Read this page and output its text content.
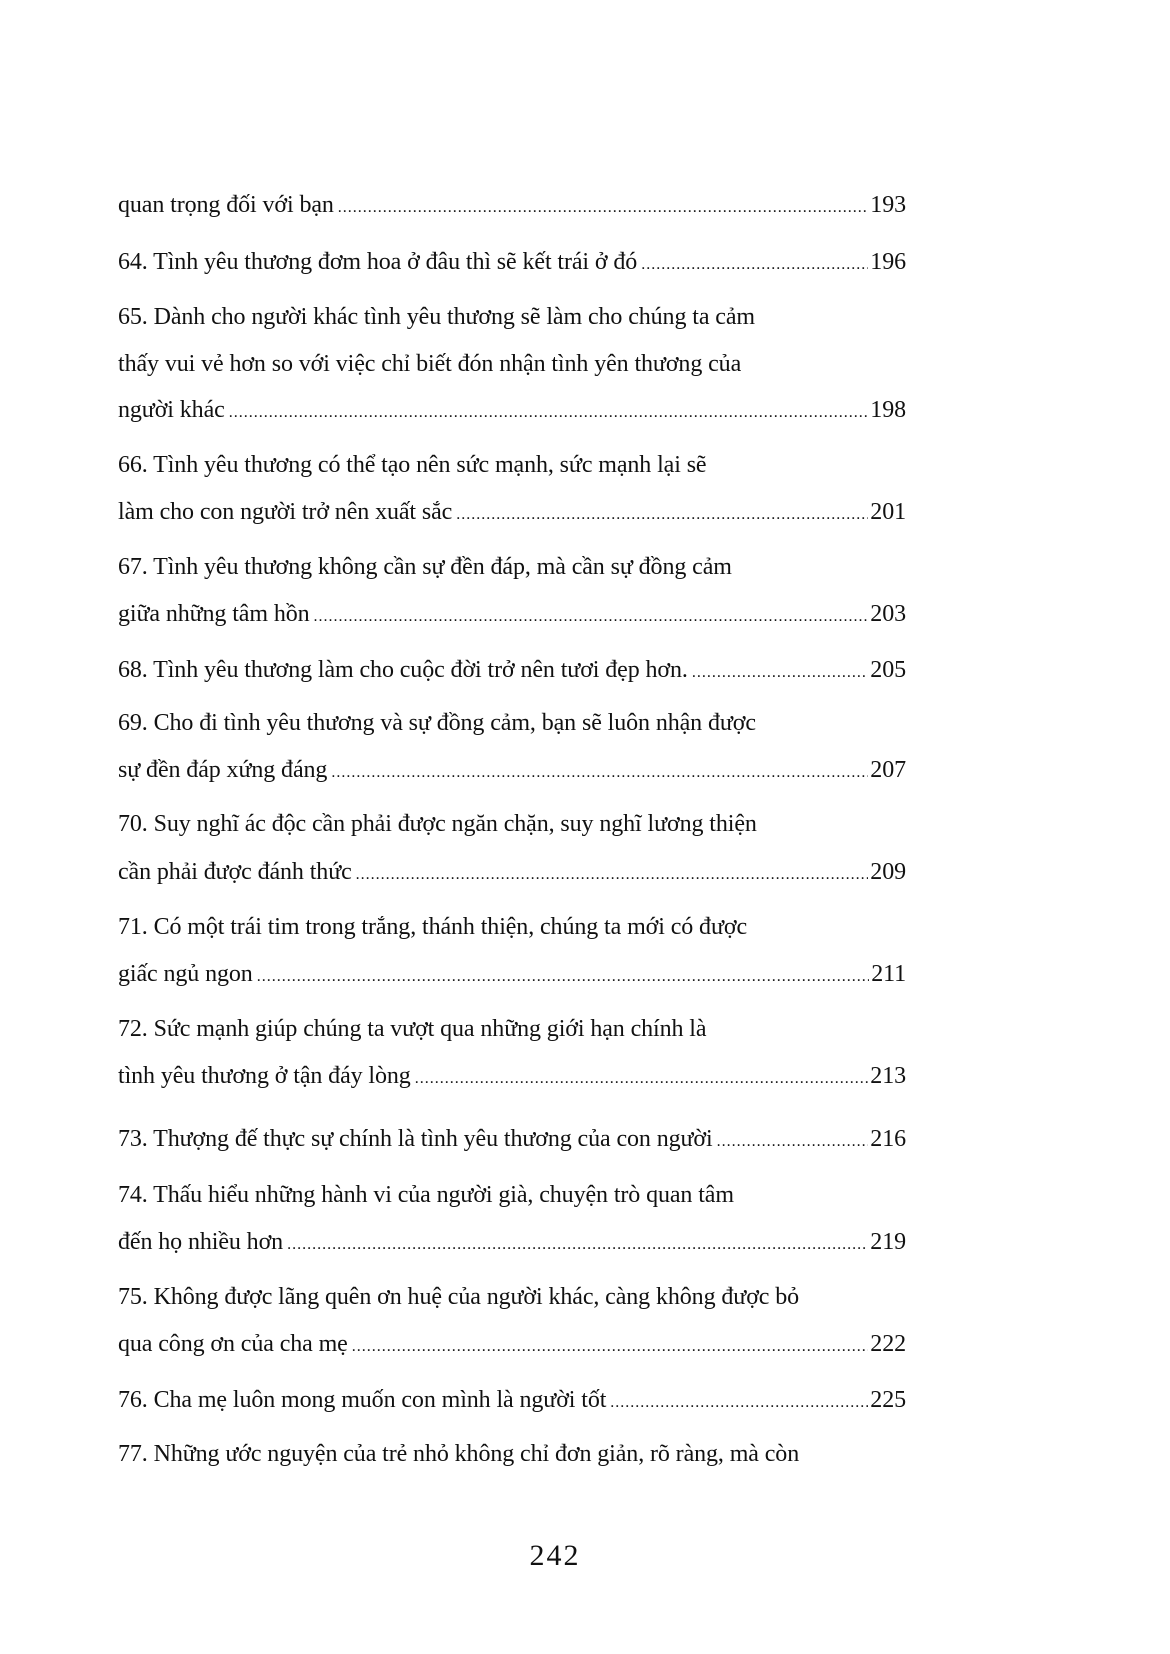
quan trọng đối với bạn .....	193
64. Tình yêu thương đơm hoa ở đâu thì sẽ kết trái ở đó .....	196
65. Dành cho người khác tình yêu thương sẽ làm cho chúng ta cảm
thấy vui vẻ hơn so với việc chỉ biết đón nhận tình yên thương của
người khác .....	198
66. Tình yêu thương có thể tạo nên sức mạnh, sức mạnh lại sẽ
làm cho con người trở nên xuất sắc .....	201
67. Tình yêu thương không cần sự đền đáp, mà cần sự đồng cảm
giữa những tâm hồn .....	203
68. Tình yêu thương làm cho cuộc đời trở nên tươi đẹp hơn. .....	205
69. Cho đi tình yêu thương và sự đồng cảm, bạn sẽ luôn nhận được
sự đền đáp xứng đáng .....	207
70. Suy nghĩ ác độc cần phải được ngăn chặn, suy nghĩ lương thiện
cần phải được đánh thức .....	209
71. Có một trái tim trong trắng, thánh thiện, chúng ta mới có được
giấc ngủ ngon .....	211
72. Sức mạnh giúp chúng ta vượt qua những giới hạn chính là
tình yêu thương ở tận đáy lòng .....	213
73. Thượng đế thực sự chính là tình yêu thương của con người .....	216
74. Thấu hiểu những hành vi của người già, chuyện trò quan tâm
đến họ nhiều hơn .....	219
75. Không được lãng quên ơn huệ của người khác, càng không được bỏ
qua công ơn của cha mẹ .....	222
76. Cha mẹ luôn mong muốn con mình là người tốt .....	225
77. Những ước nguyện của trẻ nhỏ không chỉ đơn giản, rõ ràng, mà còn
242
